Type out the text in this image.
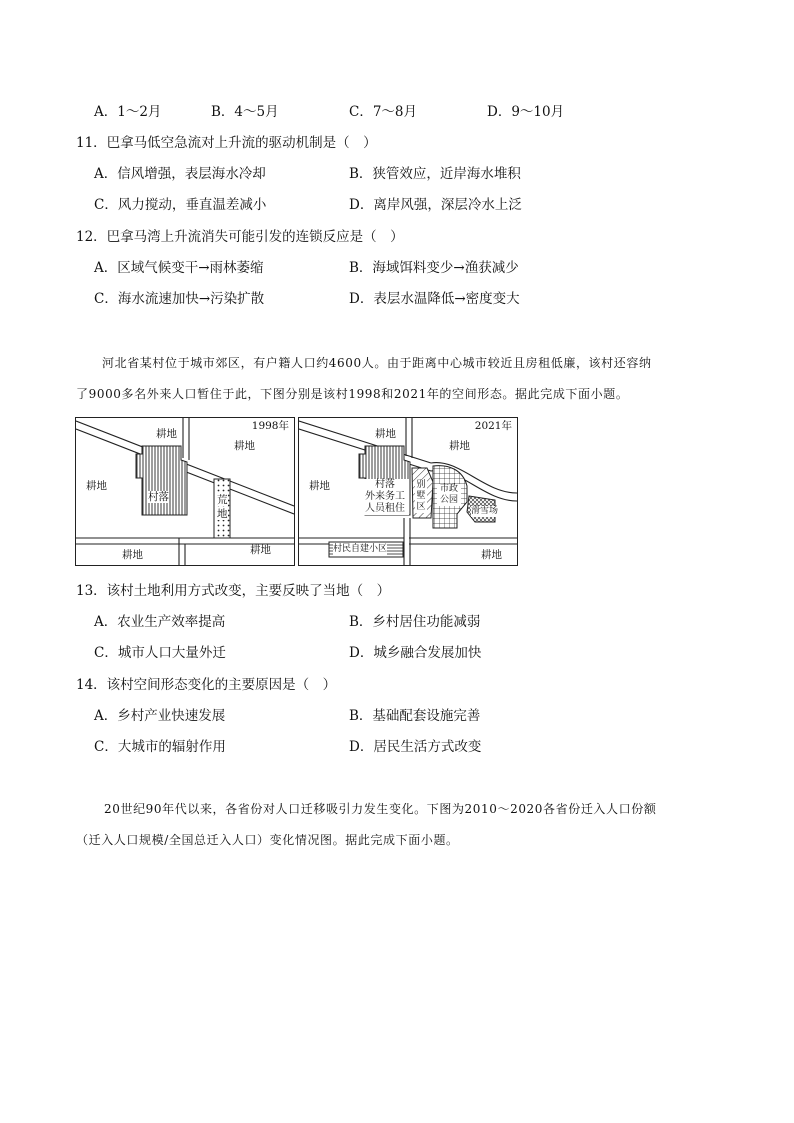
A．1～2月	B．4～5月	C．7～8月	D．9～10月
11．巴拿马低空急流对上升流的驱动机制是（　）
A．信风增强，表层海水冷却	B．狭管效应，近岸海水堆积
C．风力搅动，垂直温差减小	D．离岸风强，深层冷水上泛
12．巴拿马湾上升流消失可能引发的连锁反应是（　）
A．区域气候变干→雨林萎缩	B．海域饵料变少→渔获减少
C．海水流速加快→污染扩散	D．表层水温降低→密度变大
河北省某村位于城市郊区，有户籍人口约4600人。由于距离中心城市较近且房租低廉，该村还容纳
了9000多名外来人口暂住于此，下图分别是该村1998和2021年的空间形态。据此完成下面小题。
1998年
耕地
耕地
耕地
村落	荒
地
耕地
耕地
2021年
耕地
耕地
耕地	村落
外来务工
人员租住
别
墅
区
市政
公园
滑雪场
耕地
村民自建小区
13．该村土地利用方式改变，主要反映了当地（　）
A．农业生产效率提高	B．乡村居住功能减弱
C．城市人口大量外迁	D．城乡融合发展加快
14．该村空间形态变化的主要原因是（　）
A．乡村产业快速发展	B．基础配套设施完善
C．大城市的辐射作用	D．居民生活方式改变
20世纪90年代以来，各省份对人口迁移吸引力发生变化。下图为2010～2020各省份迁入人口份额
（迁入人口规模/全国总迁入人口）变化情况图。据此完成下面小题。
